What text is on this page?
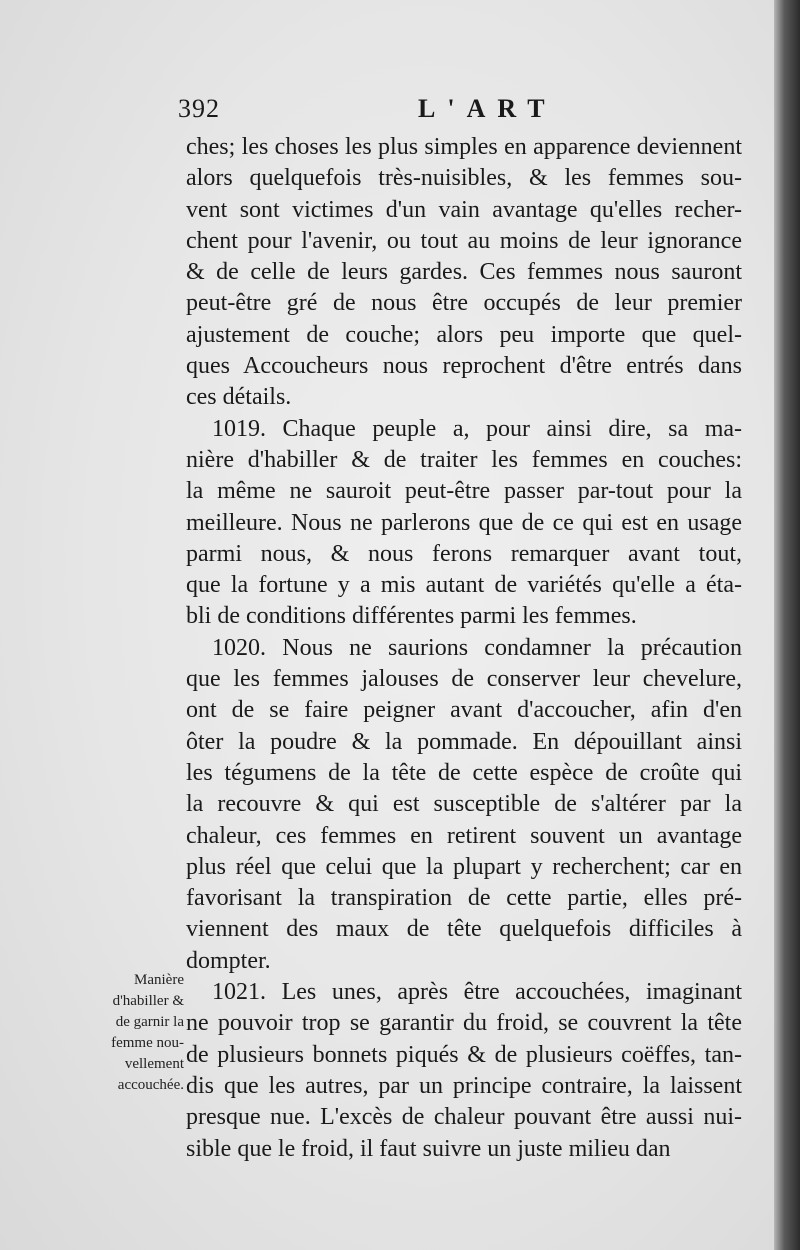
392	L'ART
ches; les choses les plus simples en apparence deviennent
alors quelquefois très-nuisibles, & les femmes sou-
vent sont victimes d'un vain avantage qu'elles recher-
chent pour l'avenir, ou tout au moins de leur ignorance
& de celle de leurs gardes. Ces femmes nous sauront
peut-être gré de nous être occupés de leur premier
ajustement de couche; alors peu importe que quel-
ques Accoucheurs nous reprochent d'être entrés dans
ces détails.
1019. Chaque peuple a, pour ainsi dire, sa ma-
nière d'habiller & de traiter les femmes en couches:
la même ne sauroit peut-être passer par-tout pour la
meilleure. Nous ne parlerons que de ce qui est en usage
parmi nous, & nous ferons remarquer avant tout,
que la fortune y a mis autant de variétés qu'elle a éta-
bli de conditions différentes parmi les femmes.
1020. Nous ne saurions condamner la précaution
que les femmes jalouses de conserver leur chevelure,
ont de se faire peigner avant d'accoucher, afin d'en
ôter la poudre & la pommade. En dépouillant ainsi
les tégumens de la tête de cette espèce de croûte qui
la recouvre & qui est susceptible de s'altérer par la
chaleur, ces femmes en retirent souvent un avantage
plus réel que celui que la plupart y recherchent; car en
favorisant la transpiration de cette partie, elles pré-
viennent des maux de tête quelquefois difficiles à
dompter.
1021. Les unes, après être accouchées, imaginant
ne pouvoir trop se garantir du froid, se couvrent la tête
de plusieurs bonnets piqués & de plusieurs coëffes, tan-
dis que les autres, par un principe contraire, la laissent
presque nue. L'excès de chaleur pouvant être aussi nui-
sible que le froid, il faut suivre un juste milieu dan
Manière
d'habiller &
de garnir la
femme nou-
vellement
accouchée.
